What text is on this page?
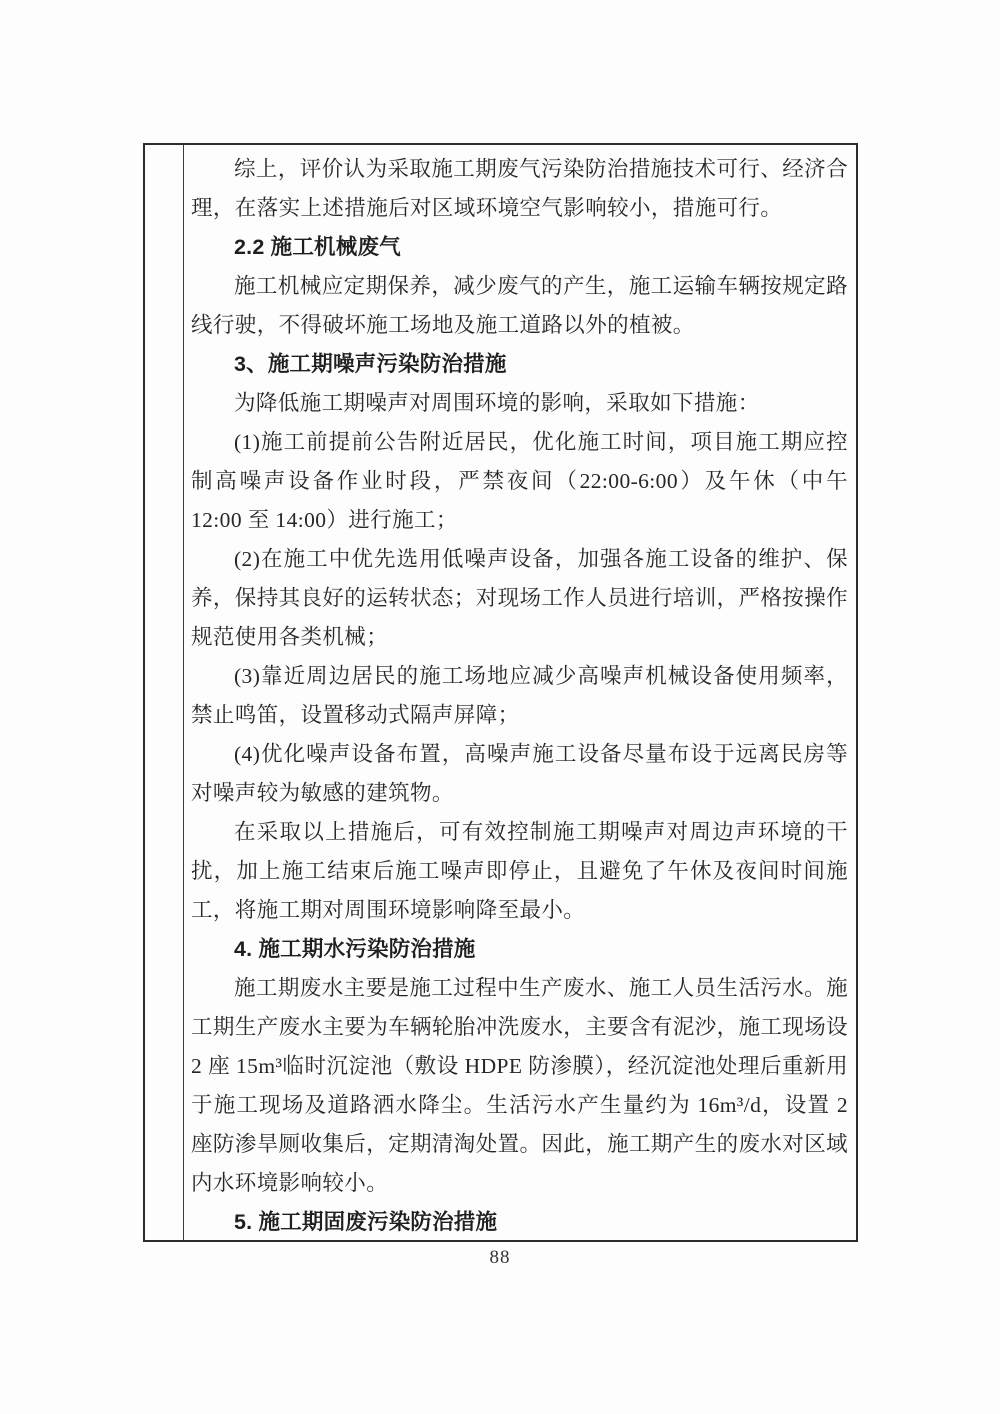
综上，评价认为采取施工期废气污染防治措施技术可行、经济合理，在落实上述措施后对区域环境空气影响较小，措施可行。

2.2 施工机械废气

施工机械应定期保养，减少废气的产生，施工运输车辆按规定路线行驶，不得破坏施工场地及施工道路以外的植被。

3、施工期噪声污染防治措施

为降低施工期噪声对周围环境的影响，采取如下措施：

(1)施工前提前公告附近居民，优化施工时间，项目施工期应控制高噪声设备作业时段，严禁夜间（22:00-6:00）及午休（中午 12:00 至 14:00）进行施工；

(2)在施工中优先选用低噪声设备，加强各施工设备的维护、保养，保持其良好的运转状态；对现场工作人员进行培训，严格按操作规范使用各类机械；

(3)靠近周边居民的施工场地应减少高噪声机械设备使用频率，禁止鸣笛，设置移动式隔声屏障；

(4)优化噪声设备布置，高噪声施工设备尽量布设于远离民房等对噪声较为敏感的建筑物。

在采取以上措施后，可有效控制施工期噪声对周边声环境的干扰，加上施工结束后施工噪声即停止，且避免了午休及夜间时间施工，将施工期对周围环境影响降至最小。

4. 施工期水污染防治措施

施工期废水主要是施工过程中生产废水、施工人员生活污水。施工期生产废水主要为车辆轮胎冲洗废水，主要含有泥沙，施工现场设 2 座 15m³临时沉淀池（敷设 HDPE 防渗膜），经沉淀池处理后重新用于施工现场及道路洒水降尘。生活污水产生量约为 16m³/d，设置 2 座防渗旱厕收集后，定期清淘处置。因此，施工期产生的废水对区域内水环境影响较小。

5. 施工期固废污染防治措施

88
